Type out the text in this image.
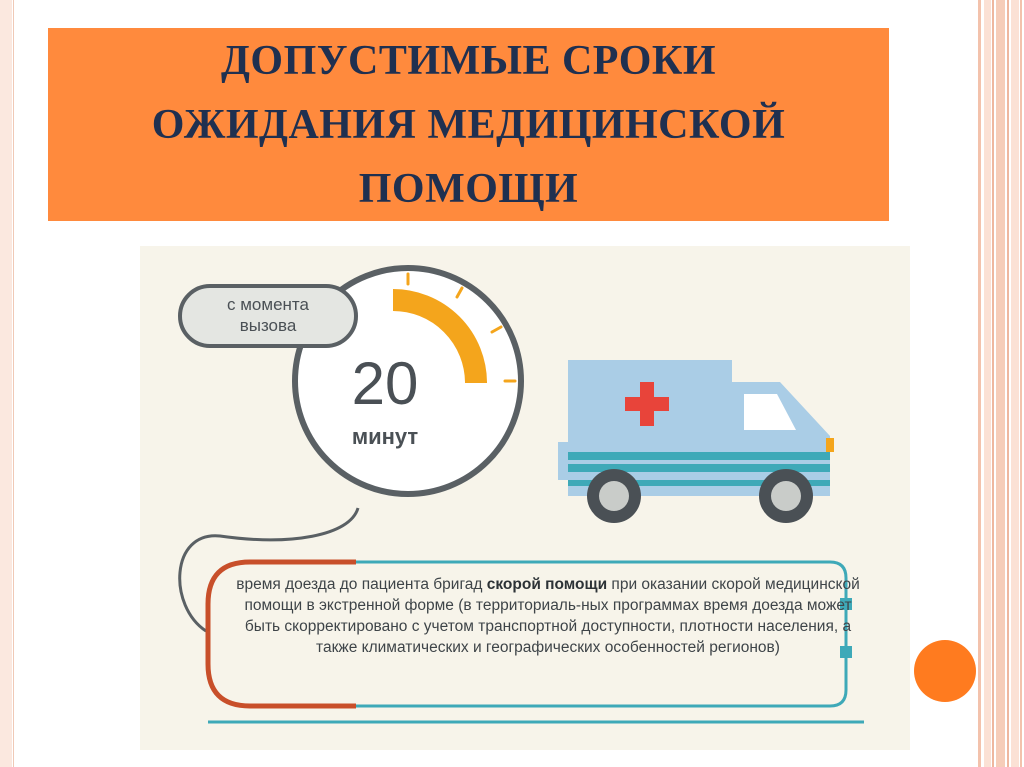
ДОПУСТИМЫЕ СРОКИ ОЖИДАНИЯ МЕДИЦИНСКОЙ ПОМОЩИ
с момента вызова
20
минут
время доезда до пациента бригад скорой помощи при оказании скорой медицинской помощи в экстренной форме (в территориаль-ных программах время доезда может быть скорректировано с учетом транспортной доступности, плотности населения, а также климатических и географических особенностей регионов)
